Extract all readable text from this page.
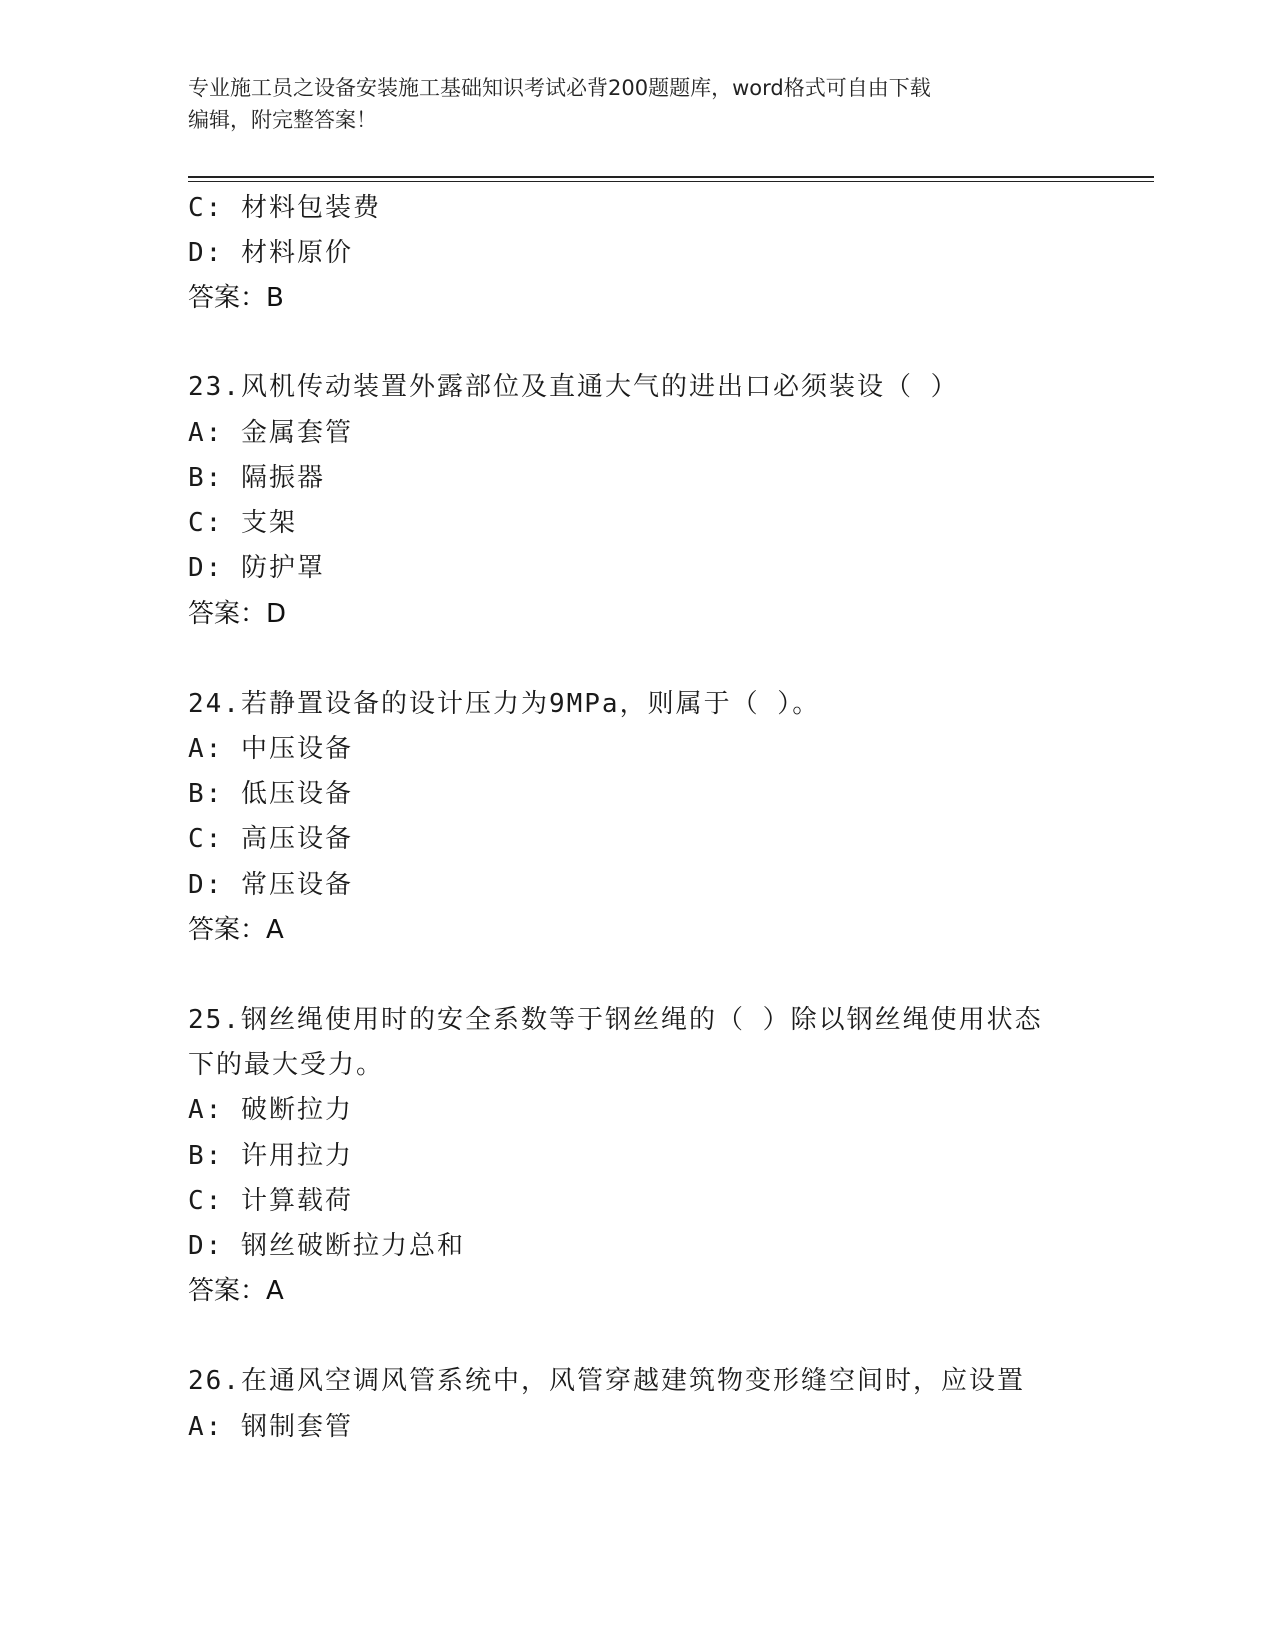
专业施工员之设备安装施工基础知识考试必背200题题库，word格式可自由下载
编辑，附完整答案！
C: 材料包装费
D: 材料原价
答案：B
23.风机传动装置外露部位及直通大气的进出口必须装设（ ）
A: 金属套管
B: 隔振器
C: 支架
D: 防护罩
答案：D
24.若静置设备的设计压力为9MPa，则属于（ ）。
A: 中压设备
B: 低压设备
C: 高压设备
D: 常压设备
答案：A
25.钢丝绳使用时的安全系数等于钢丝绳的（ ）除以钢丝绳使用状态
下的最大受力。
A: 破断拉力
B: 许用拉力
C: 计算载荷
D: 钢丝破断拉力总和
答案：A
26.在通风空调风管系统中，风管穿越建筑物变形缝空间时，应设置
A: 钢制套管
